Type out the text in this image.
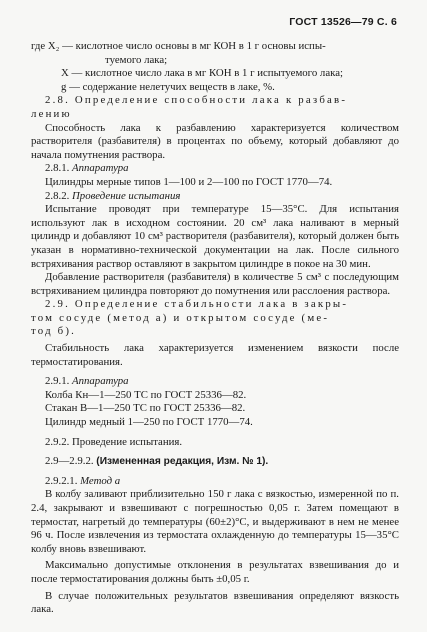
ГОСТ 13526—79 С. 6
где X₂ — кислотное число основы в мг КОН в 1 г основы испы-
туемого лака;
X — кислотное число лака в мг КОН в 1 г испытуемого лака;
g — содержание нелетучих веществ в лаке, %.
2.8. Определение способности лака к разбав-
лению
Способность лака к разбавлению характеризуется количеством растворителя (разбавителя) в процентах по объему, который добавляют до начала помутнения раствора.
2.8.1. Аппаратура
Цилиндры мерные типов 1—100 и 2—100 по ГОСТ 1770—74.
2.8.2. Проведение испытания
Испытание проводят при температуре 15—35°С. Для испытания используют лак в исходном состоянии. 20 см³ лака наливают в мерный цилиндр и добавляют 10 см³ растворителя (разбавителя), который должен быть указан в нормативно-технической документации на лак. После сильного встряхивания раствор оставляют в закрытом цилиндре в покое на 30 мин.
Добавление растворителя (разбавителя) в количестве 5 см³ с последующим встряхиванием цилиндра повторяют до помутнения или расслоения раствора.
2.9. Определение стабильности лака в закры-
том сосуде (метод а) и открытом сосуде (ме-
тод б).
Стабильность лака характеризуется изменением вязкости после термостатирования.
2.9.1. Аппаратура
Колба Кн—1—250 ТС по ГОСТ 25336—82.
Стакан В—1—250 ТС по ГОСТ 25336—82.
Цилиндр медный 1—250 по ГОСТ 1770—74.
2.9.2. Проведение испытания.
2.9—2.9.2. (Измененная редакция, Изм. № 1).
2.9.2.1. Метод а
В колбу заливают приблизительно 150 г лака с вязкостью, измеренной по п. 2.4, закрывают и взвешивают с погрешностью 0,05 г. Затем помещают в термостат, нагретый до температуры (60±2)°С, и выдерживают в нем не менее 96 ч. После извлечения из термостата охлажденную до температуры 15—35°С колбу вновь взвешивают.
Максимально допустимые отклонения в результатах взвешивания до и после термостатирования должны быть ±0,05 г.
В случае положительных результатов взвешивания определяют вязкость лака.
